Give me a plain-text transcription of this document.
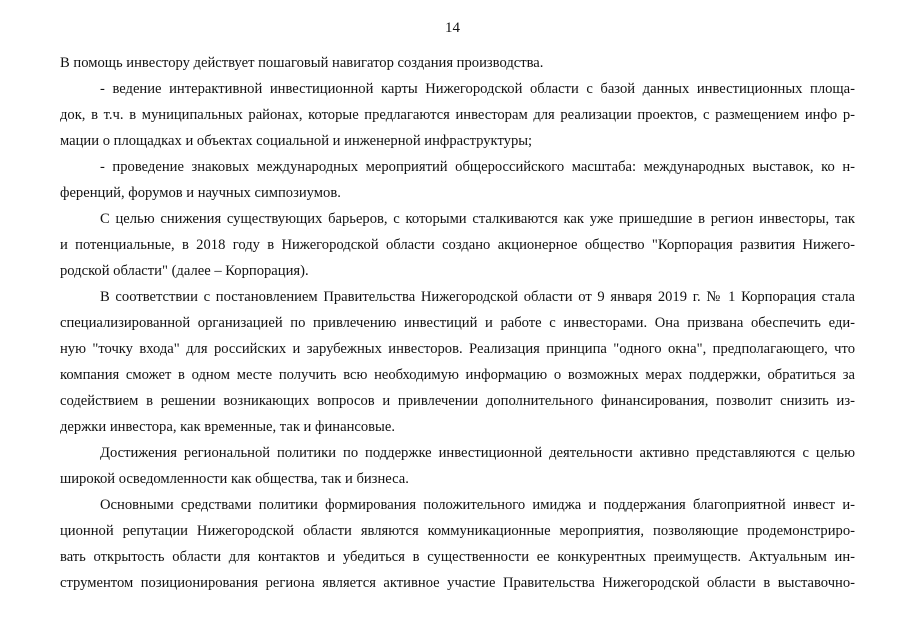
14
В помощь инвестору действует пошаговый навигатор создания производства.
- ведение интерактивной инвестиционной карты Нижегородской области с базой данных инвестиционных площа-
док, в т.ч. в муниципальных районах, которые предлагаются инвесторам для реализации проектов, с размещением инфо р-
мации о площадках и объектах социальной и инженерной инфраструктуры;
- проведение знаковых международных мероприятий общероссийского масштаба: международных выставок, ко н-
ференций, форумов и научных симпозиумов.
С целью снижения существующих барьеров, с которыми сталкиваются как уже пришедшие в регион инвесторы, так
и потенциальные, в 2018 году в Нижегородской области создано акционерное общество "Корпорация развития Нижего-
родской области" (далее – Корпорация).
В соответствии с постановлением Правительства Нижегородской области от 9 января 2019 г. № 1 Корпорация стала
специализированной организацией по привлечению инвестиций и работе с инвесторами. Она призвана обеспечить еди-
ную "точку входа" для российских и зарубежных инвесторов. Реализация принципа "одного окна", предполагающего, что
компания сможет в одном месте получить всю необходимую информацию о возможных мерах поддержки, обратиться за
содействием в решении возникающих вопросов и привлечении дополнительного финансирования, позволит снизить из-
держки инвестора, как временные, так и финансовые.
Достижения региональной политики по поддержке инвестиционной деятельности активно представляются с целью
широкой осведомленности как общества, так и бизнеса.
Основными средствами политики формирования положительного имиджа и поддержания благоприятной инвест и-
ционной репутации Нижегородской области являются коммуникационные мероприятия, позволяющие продемонстриро-
вать открытость области для контактов и убедиться в существенности ее конкурентных преимуществ. Актуальным ин-
струментом позиционирования региона является активное участие Правительства Нижегородской области в выставочно-
